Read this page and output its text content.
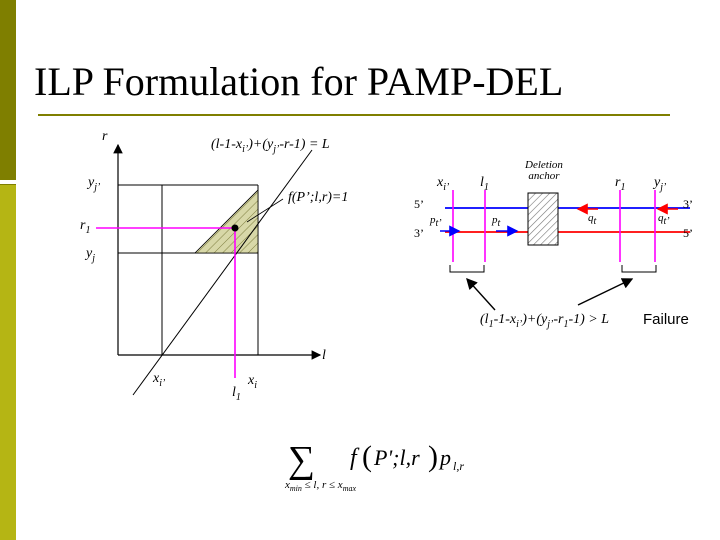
ILP Formulation for PAMP-DEL
∑ f ( P';l,r ) p l,r
$x_{min} \le l$, $r \le x_{max}$
r
$(l-1-x_{i’})+(y_{j’}-r-1) = L$
$y_{j’}$
f(P’;l,r)=1
$r_1$
$y_j$
l
$x_{i’}$
$l_1$
$x_i$
$x_{i’}$ $l_1$
Deletion anchor	$r_1$ $y_{j’}$
5’
3’
3’
5’
$p_{t’}$	$p_t$	$q_t$	$q_{t’}$
$(l_1-1-x_{i’})+(y_{j’}-r_1-1) > L$ Failure
